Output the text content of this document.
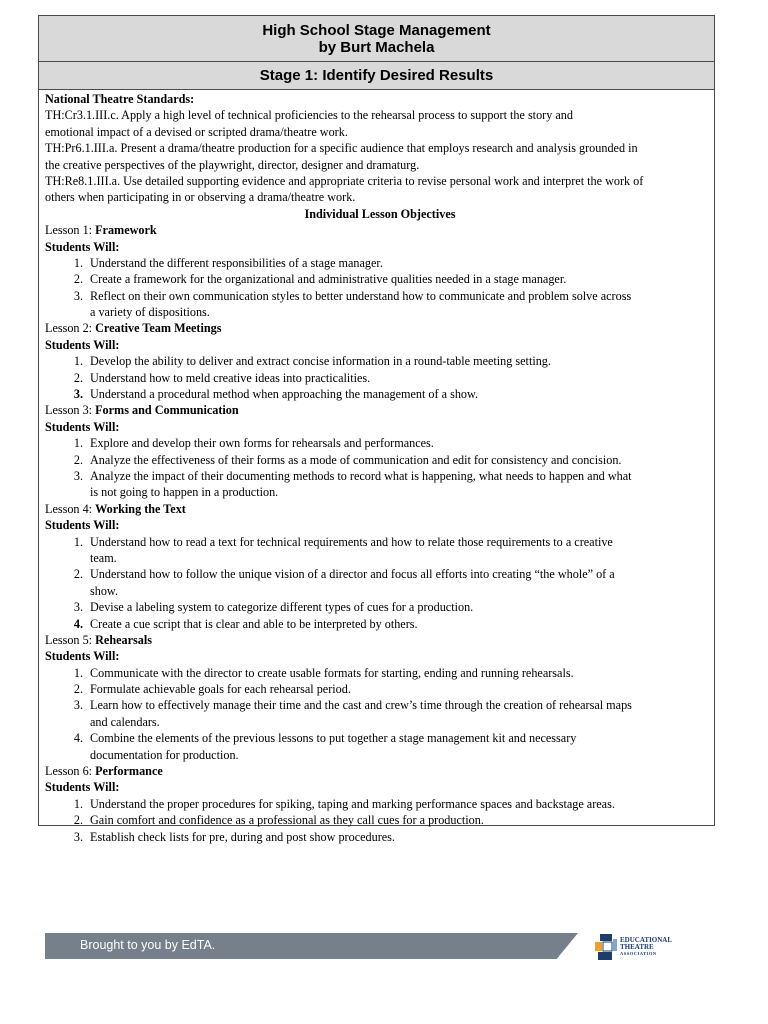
High School Stage Management
by Burt Machela
Stage 1: Identify Desired Results
National Theatre Standards:
TH:Cr3.1.III.c. Apply a high level of technical proficiencies to the rehearsal process to support the story and
emotional impact of a devised or scripted drama/theatre work.
TH:Pr6.1.III.a. Present a drama/theatre production for a specific audience that employs research and analysis grounded in
the creative perspectives of the playwright, director, designer and dramaturg.
TH:Re8.1.III.a. Use detailed supporting evidence and appropriate criteria to revise personal work and interpret the work of
others when participating in or observing a drama/theatre work.
Individual Lesson Objectives
Lesson 1: Framework
Students Will:
1. Understand the different responsibilities of a stage manager.
2. Create a framework for the organizational and administrative qualities needed in a stage manager.
3. Reflect on their own communication styles to better understand how to communicate and problem solve across
a variety of dispositions.
Lesson 2: Creative Team Meetings
Students Will:
1. Develop the ability to deliver and extract concise information in a round-table meeting setting.
2. Understand how to meld creative ideas into practicalities.
3. Understand a procedural method when approaching the management of a show.
Lesson 3: Forms and Communication
Students Will:
1. Explore and develop their own forms for rehearsals and performances.
2. Analyze the effectiveness of their forms as a mode of communication and edit for consistency and concision.
3. Analyze the impact of their documenting methods to record what is happening, what needs to happen and what
is not going to happen in a production.
Lesson 4: Working the Text
Students Will:
1. Understand how to read a text for technical requirements and how to relate those requirements to a creative
team.
2. Understand how to follow the unique vision of a director and focus all efforts into creating “the whole” of a
show.
3. Devise a labeling system to categorize different types of cues for a production.
4. Create a cue script that is clear and able to be interpreted by others.
Lesson 5: Rehearsals
Students Will:
1. Communicate with the director to create usable formats for starting, ending and running rehearsals.
2. Formulate achievable goals for each rehearsal period.
3. Learn how to effectively manage their time and the cast and crew’s time through the creation of rehearsal maps
and calendars.
4. Combine the elements of the previous lessons to put together a stage management kit and necessary
documentation for production.
Lesson 6: Performance
Students Will:
1. Understand the proper procedures for spiking, taping and marking performance spaces and backstage areas.
2. Gain comfort and confidence as a professional as they call cues for a production.
3. Establish check lists for pre, during and post show procedures.
Brought to you by EdTA.	EDUCATIONAL
THEATRE
ASSOCIATION
